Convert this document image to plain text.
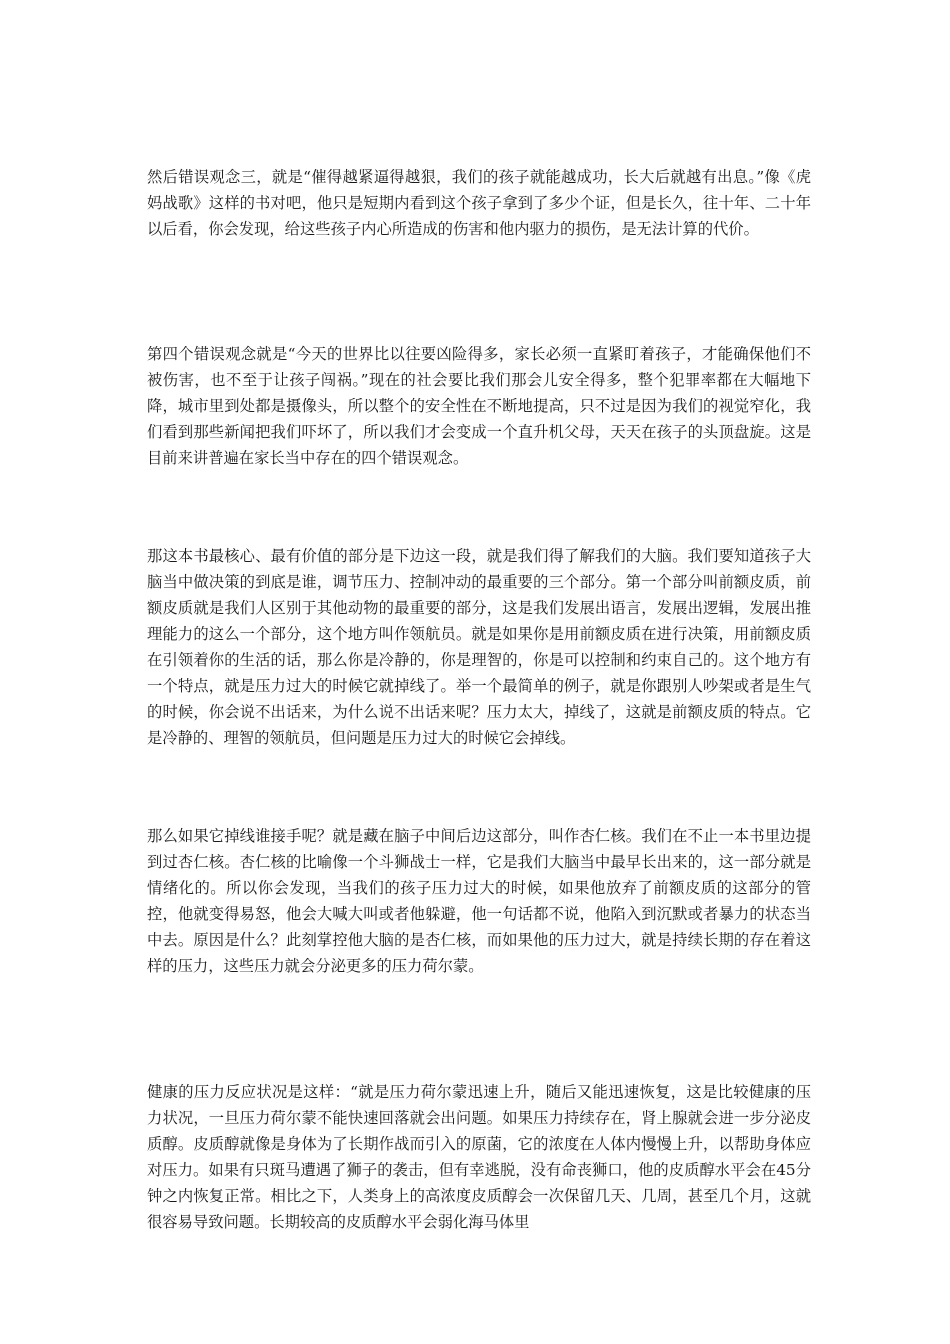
然后错误观念三，就是“催得越紧逼得越狠，我们的孩子就能越成功，长大后就越有出息。”像《虎妈战歌》这样的书对吧，他只是短期内看到这个孩子拿到了多少个证，但是长久，往十年、二十年以后看，你会发现，给这些孩子内心所造成的伤害和他内驱力的损伤，是无法计算的代价。

第四个错误观念就是“今天的世界比以往要凶险得多，家长必须一直紧盯着孩子，才能确保他们不被伤害，也不至于让孩子闯祸。”现在的社会要比我们那会儿安全得多，整个犯罪率都在大幅地下降，城市里到处都是摄像头，所以整个的安全性在不断地提高，只不过是因为我们的视觉窄化，我们看到那些新闻把我们吓坏了，所以我们才会变成一个直升机父母，天天在孩子的头顶盘旋。这是目前来讲普遍在家长当中存在的四个错误观念。

那这本书最核心、最有价值的部分是下边这一段，就是我们得了解我们的大脑。我们要知道孩子大脑当中做决策的到底是谁，调节压力、控制冲动的最重要的三个部分。第一个部分叫前额皮质，前额皮质就是我们人区别于其他动物的最重要的部分，这是我们发展出语言，发展出逻辑，发展出推理能力的这么一个部分，这个地方叫作领航员。就是如果你是用前额皮质在进行决策，用前额皮质在引领着你的生活的话，那么你是冷静的，你是理智的，你是可以控制和约束自己的。这个地方有一个特点，就是压力过大的时候它就掉线了。举一个最简单的例子，就是你跟别人吵架或者是生气的时候，你会说不出话来，为什么说不出话来呢？压力太大，掉线了，这就是前额皮质的特点。它是冷静的、理智的领航员，但问题是压力过大的时候它会掉线。

那么如果它掉线谁接手呢？就是藏在脑子中间后边这部分，叫作杏仁核。我们在不止一本书里边提到过杏仁核。杏仁核的比喻像一个斗狮战士一样，它是我们大脑当中最早长出来的，这一部分就是情绪化的。所以你会发现，当我们的孩子压力过大的时候，如果他放弃了前额皮质的这部分的管控，他就变得易怒，他会大喊大叫或者他躲避，他一句话都不说，他陷入到沉默或者暴力的状态当中去。原因是什么？此刻掌控他大脑的是杏仁核，而如果他的压力过大，就是持续长期的存在着这样的压力，这些压力就会分泌更多的压力荷尔蒙。

健康的压力反应状况是这样：“就是压力荷尔蒙迅速上升，随后又能迅速恢复，这是比较健康的压力状况，一旦压力荷尔蒙不能快速回落就会出问题。如果压力持续存在，肾上腺就会进一步分泌皮质醇。皮质醇就像是身体为了长期作战而引入的原菌，它的浓度在人体内慢慢上升，以帮助身体应对压力。如果有只斑马遭遇了狮子的袭击，但有幸逃脱，没有命丧狮口，他的皮质醇水平会在45分钟之内恢复正常。相比之下，人类身上的高浓度皮质醇会一次保留几天、几周，甚至几个月，这就很容易导致问题。长期较高的皮质醇水平会弱化海马体里
